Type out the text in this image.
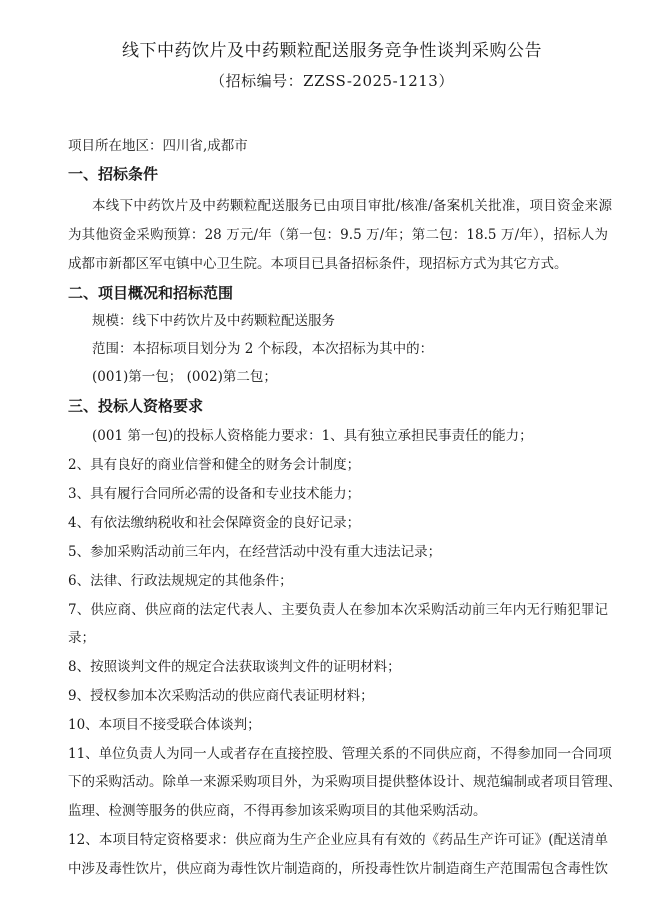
线下中药饮片及中药颗粒配送服务竞争性谈判采购公告
（招标编号：ZZSS-2025-1213）
项目所在地区：四川省,成都市
一、招标条件
本线下中药饮片及中药颗粒配送服务已由项目审批/核准/备案机关批准，项目资金来源
为其他资金采购预算：28 万元/年（第一包：9.5 万/年；第二包：18.5 万/年），招标人为
成都市新都区军屯镇中心卫生院。本项目已具备招标条件，现招标方式为其它方式。
二、项目概况和招标范围
规模：线下中药饮片及中药颗粒配送服务
范围：本招标项目划分为 2 个标段，本次招标为其中的：
(001)第一包； (002)第二包；
三、投标人资格要求
(001 第一包)的投标人资格能力要求：1、具有独立承担民事责任的能力；
2、具有良好的商业信誉和健全的财务会计制度；
3、具有履行合同所必需的设备和专业技术能力；
4、有依法缴纳税收和社会保障资金的良好记录；
5、参加采购活动前三年内，在经营活动中没有重大违法记录；
6、法律、行政法规规定的其他条件；
7、供应商、供应商的法定代表人、主要负责人在参加本次采购活动前三年内无行贿犯罪记
录；
8、按照谈判文件的规定合法获取谈判文件的证明材料；
9、授权参加本次采购活动的供应商代表证明材料；
10、本项目不接受联合体谈判；
11、单位负责人为同一人或者存在直接控股、管理关系的不同供应商，不得参加同一合同项
下的采购活动。除单一来源采购项目外，为采购项目提供整体设计、规范编制或者项目管理、
监理、检测等服务的供应商，不得再参加该采购项目的其他采购活动。
12、本项目特定资格要求：供应商为生产企业应具有有效的《药品生产许可证》(配送清单
中涉及毒性饮片，供应商为毒性饮片制造商的，所投毒性饮片制造商生产范围需包含毒性饮
